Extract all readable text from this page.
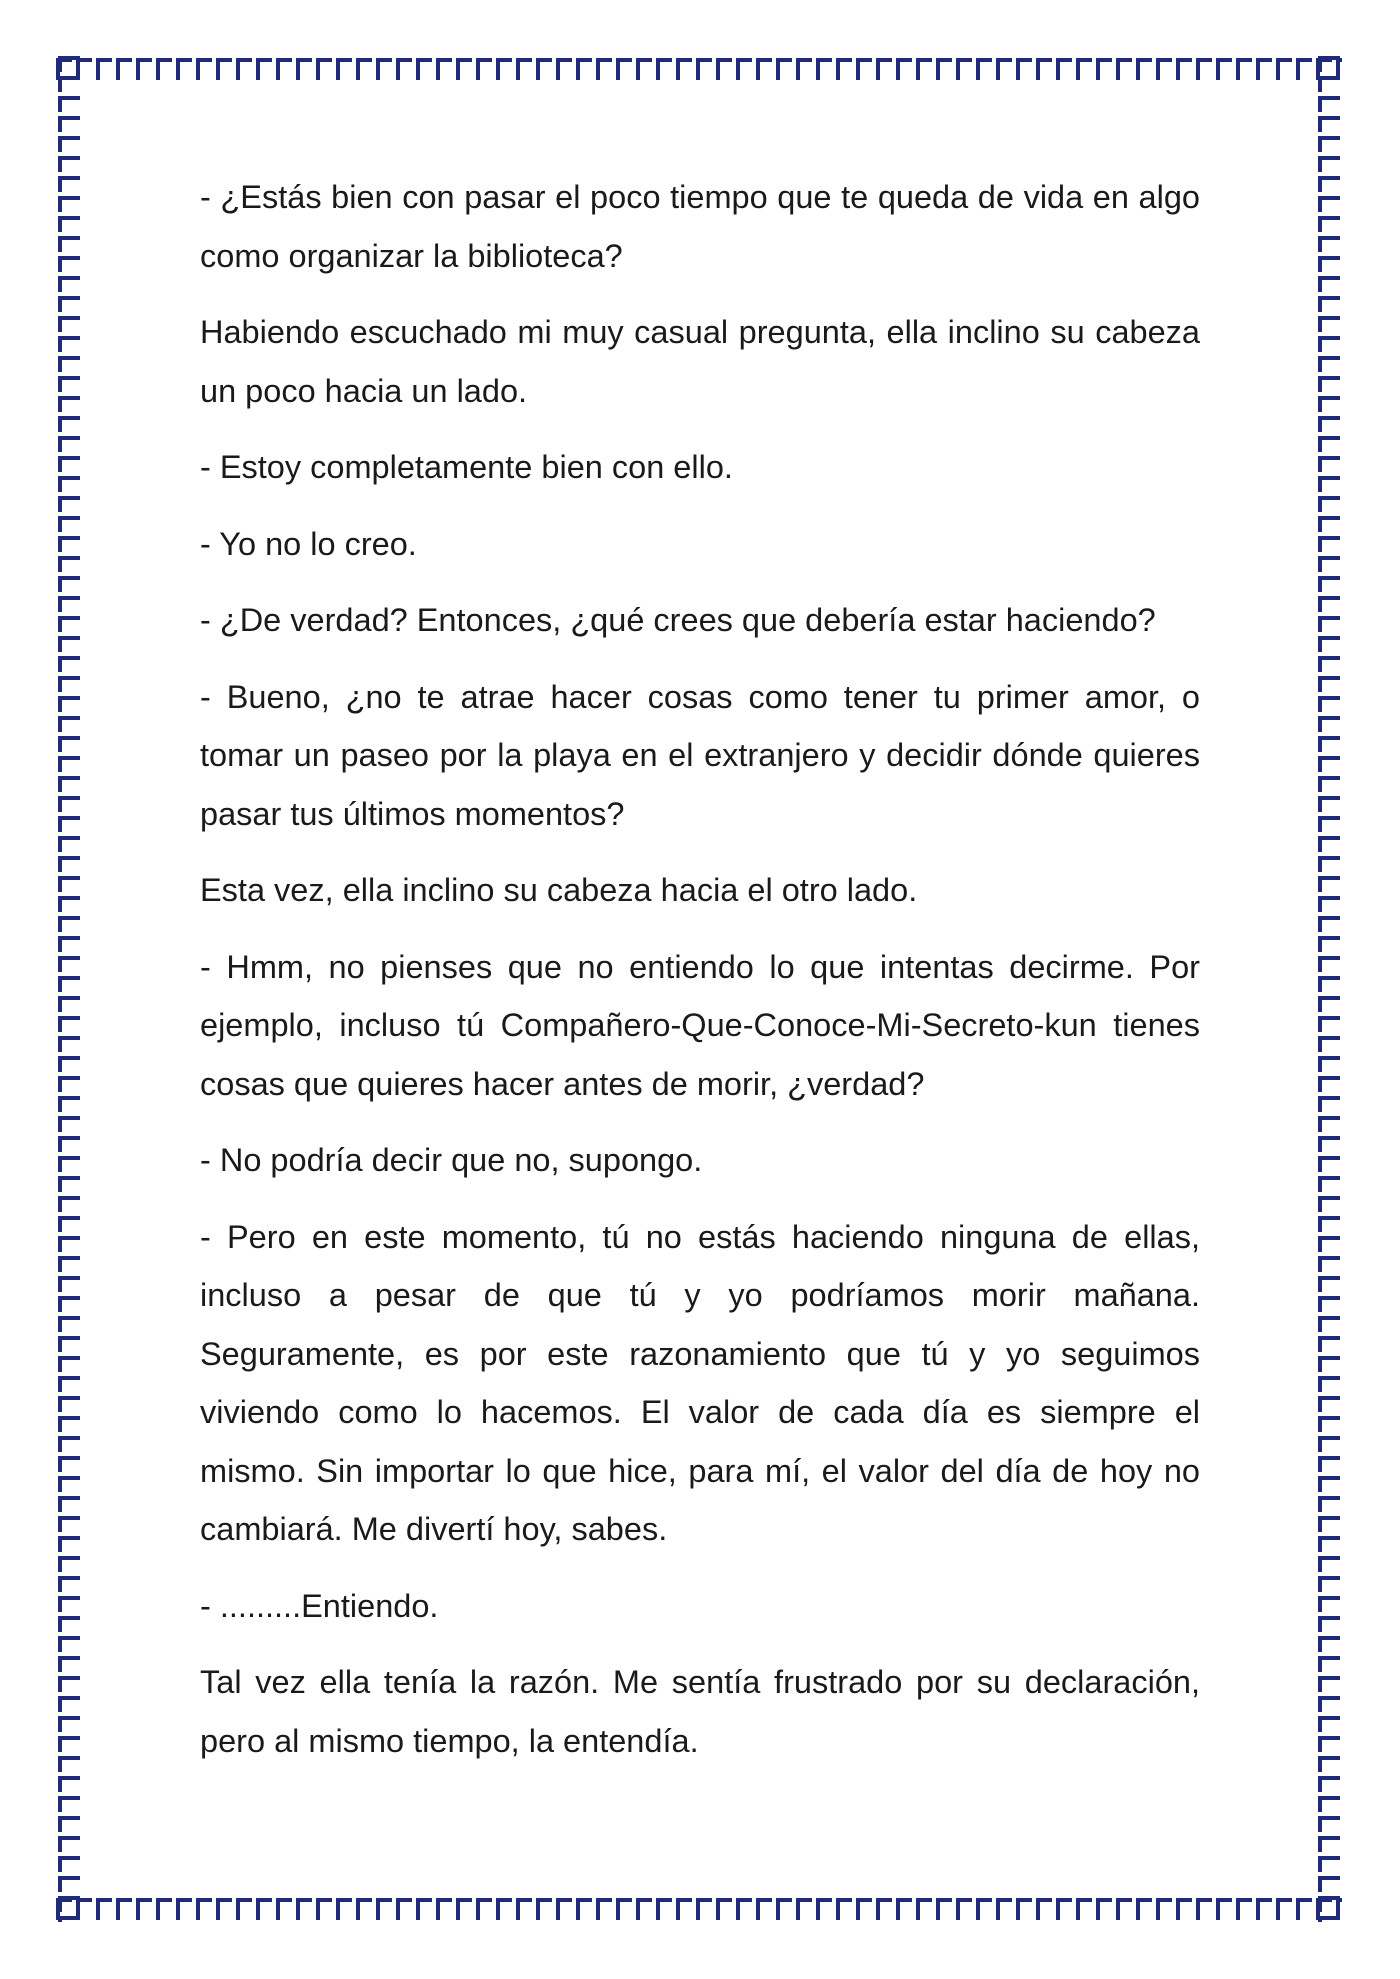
- ¿Estás bien con pasar el poco tiempo que te queda de vida en algo como organizar la biblioteca?

Habiendo escuchado mi muy casual pregunta, ella inclino su cabeza un poco hacia un lado.

- Estoy completamente bien con ello.

- Yo no lo creo.

- ¿De verdad? Entonces, ¿qué crees que debería estar haciendo?

- Bueno, ¿no te atrae hacer cosas como tener tu primer amor, o tomar un paseo por la playa en el extranjero y decidir dónde quieres pasar tus últimos momentos?

Esta vez, ella inclino su cabeza hacia el otro lado.

- Hmm, no pienses que no entiendo lo que intentas decirme. Por ejemplo, incluso tú Compañero-Que-Conoce-Mi-Secreto-kun tienes cosas que quieres hacer antes de morir, ¿verdad?

- No podría decir que no, supongo.

- Pero en este momento, tú no estás haciendo ninguna de ellas, incluso a pesar de que tú y yo podríamos morir mañana. Seguramente, es por este razonamiento que tú y yo seguimos viviendo como lo hacemos. El valor de cada día es siempre el mismo. Sin importar lo que hice, para mí, el valor del día de hoy no cambiará. Me divertí hoy, sabes.

- .........Entiendo.

Tal vez ella tenía la razón. Me sentía frustrado por su declaración, pero al mismo tiempo, la entendía.
